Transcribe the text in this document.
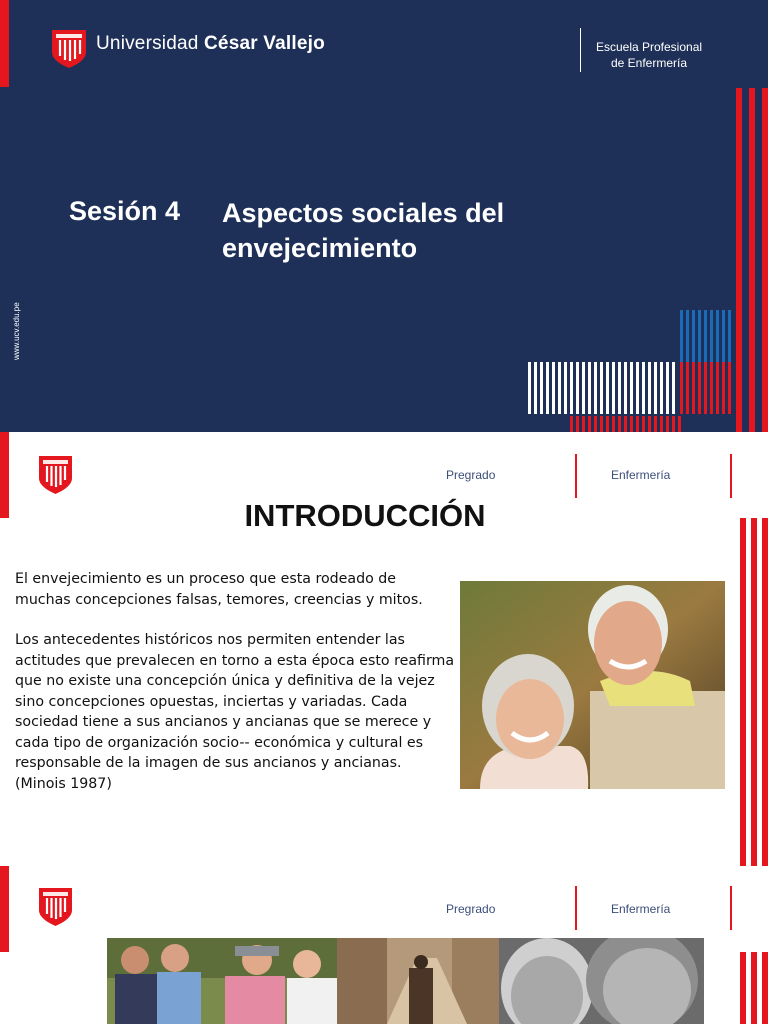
Universidad César Vallejo	Escuela Profesional
de Enfermería
Sesión 4 Aspectos sociales del envejecimiento
www.ucv.edu.pe
Pregrado	Enfermería
INTRODUCCIÓN

El envejecimiento es un proceso que esta rodeado de muchas concepciones falsas, temores, creencias y mitos.

Los antecedentes históricos nos permiten entender las actitudes que prevalecen en torno a esta época esto reafirma que no existe una concepción única y definitiva de la vejez sino concepciones opuestas, inciertas y variadas. Cada sociedad tiene a sus ancianos y ancianas que se merece y cada tipo de organización socio-- económica y cultural es responsable de la imagen de sus ancianos y ancianas. (Minois 1987)

Pregrado	Enfermería
